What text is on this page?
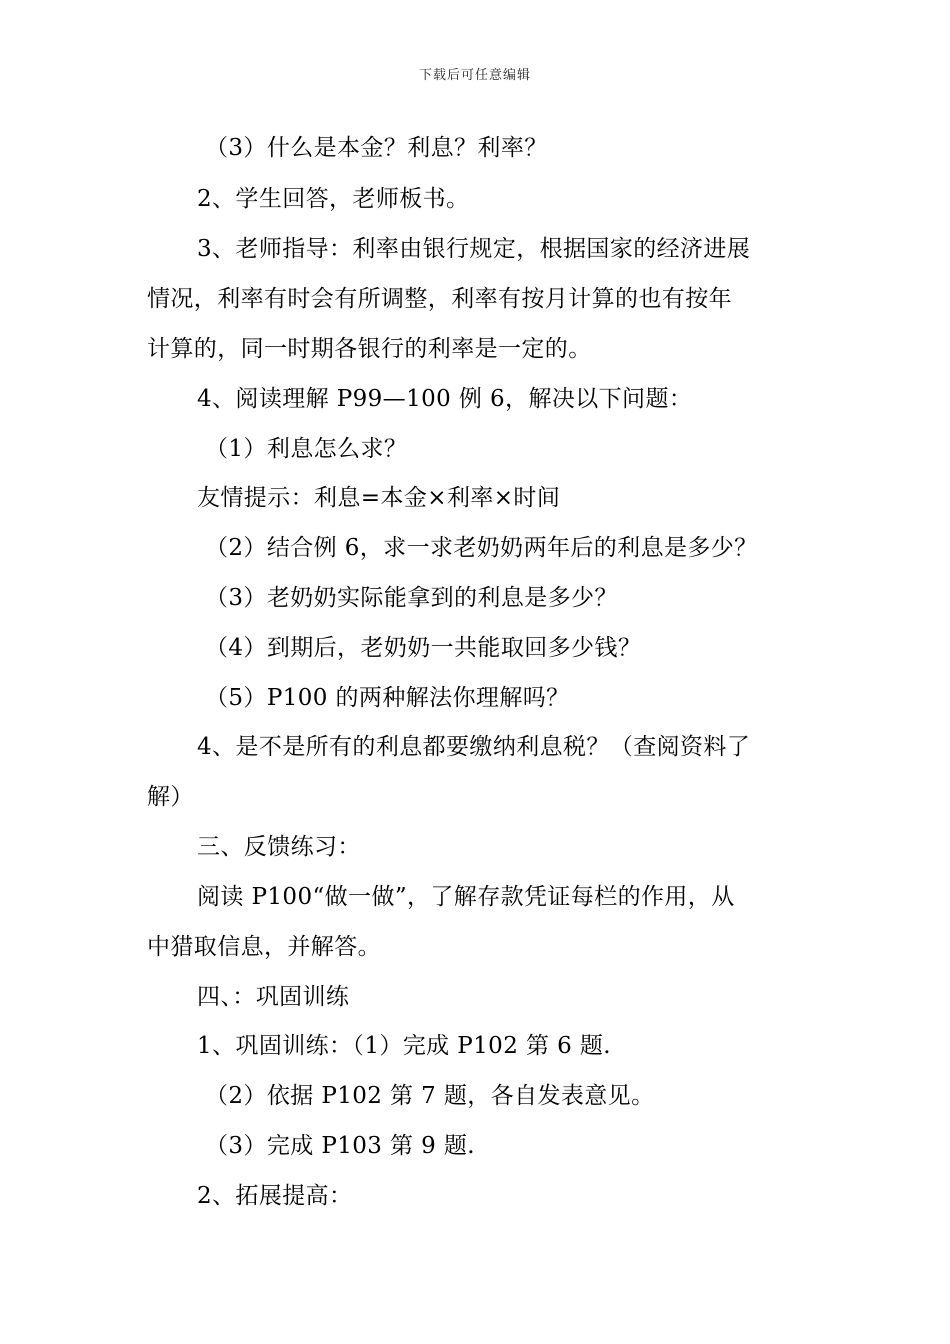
下载后可任意编辑
（3）什么是本金？利息？利率？
2、学生回答，老师板书。
3、老师指导：利率由银行规定，根据国家的经济进展
情况，利率有时会有所调整，利率有按月计算的也有按年
计算的，同一时期各银行的利率是一定的。
4、阅读理解 P99—100 例 6，解决以下问题：
（1）利息怎么求？
友情提示：利息=本金×利率×时间
（2）结合例 6，求一求老奶奶两年后的利息是多少？
（3）老奶奶实际能拿到的利息是多少？
（4）到期后，老奶奶一共能取回多少钱？
（5）P100 的两种解法你理解吗？
4、是不是所有的利息都要缴纳利息税？（查阅资料了
解）
三、反馈练习：
阅读 P100“做一做”，了解存款凭证每栏的作用，从
中猎取信息，并解答。
四、：巩固训练
1、巩固训练：（1）完成 P102 第 6 题.
（2）依据 P102 第 7 题，各自发表意见。
（3）完成 P103 第 9 题.
2、拓展提高：
